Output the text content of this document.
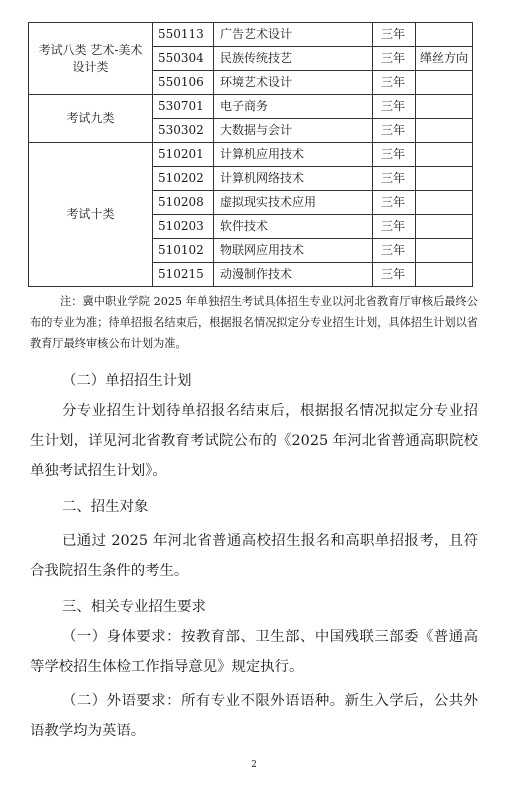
考试八类 艺术-美术设计类	550113	广告艺术设计	三年	
	550304	民族传统技艺	三年	缂丝方向
	550106	环境艺术设计	三年	
考试九类	530701	电子商务	三年	
	530302	大数据与会计	三年	
考试十类	510201	计算机应用技术	三年	
	510202	计算机网络技术	三年	
	510208	虚拟现实技术应用	三年	
	510203	软件技术	三年	
	510102	物联网应用技术	三年	
	510215	动漫制作技术	三年	

注：冀中职业学院 2025 年单独招生考试具体招生专业以河北省教育厅审核后最终公布的专业为准；待单招报名结束后，根据报名情况拟定分专业招生计划，具体招生计划以省教育厅最终审核公布计划为准。

（二）单招招生计划

分专业招生计划待单招报名结束后，根据报名情况拟定分专业招生计划，详见河北省教育考试院公布的《2025 年河北省普通高职院校单独考试招生计划》。

二、招生对象

已通过 2025 年河北省普通高校招生报名和高职单招报考，且符合我院招生条件的考生。

三、相关专业招生要求

（一）身体要求：按教育部、卫生部、中国残联三部委《普通高等学校招生体检工作指导意见》规定执行。

（二）外语要求：所有专业不限外语语种。新生入学后，公共外语教学均为英语。

2
